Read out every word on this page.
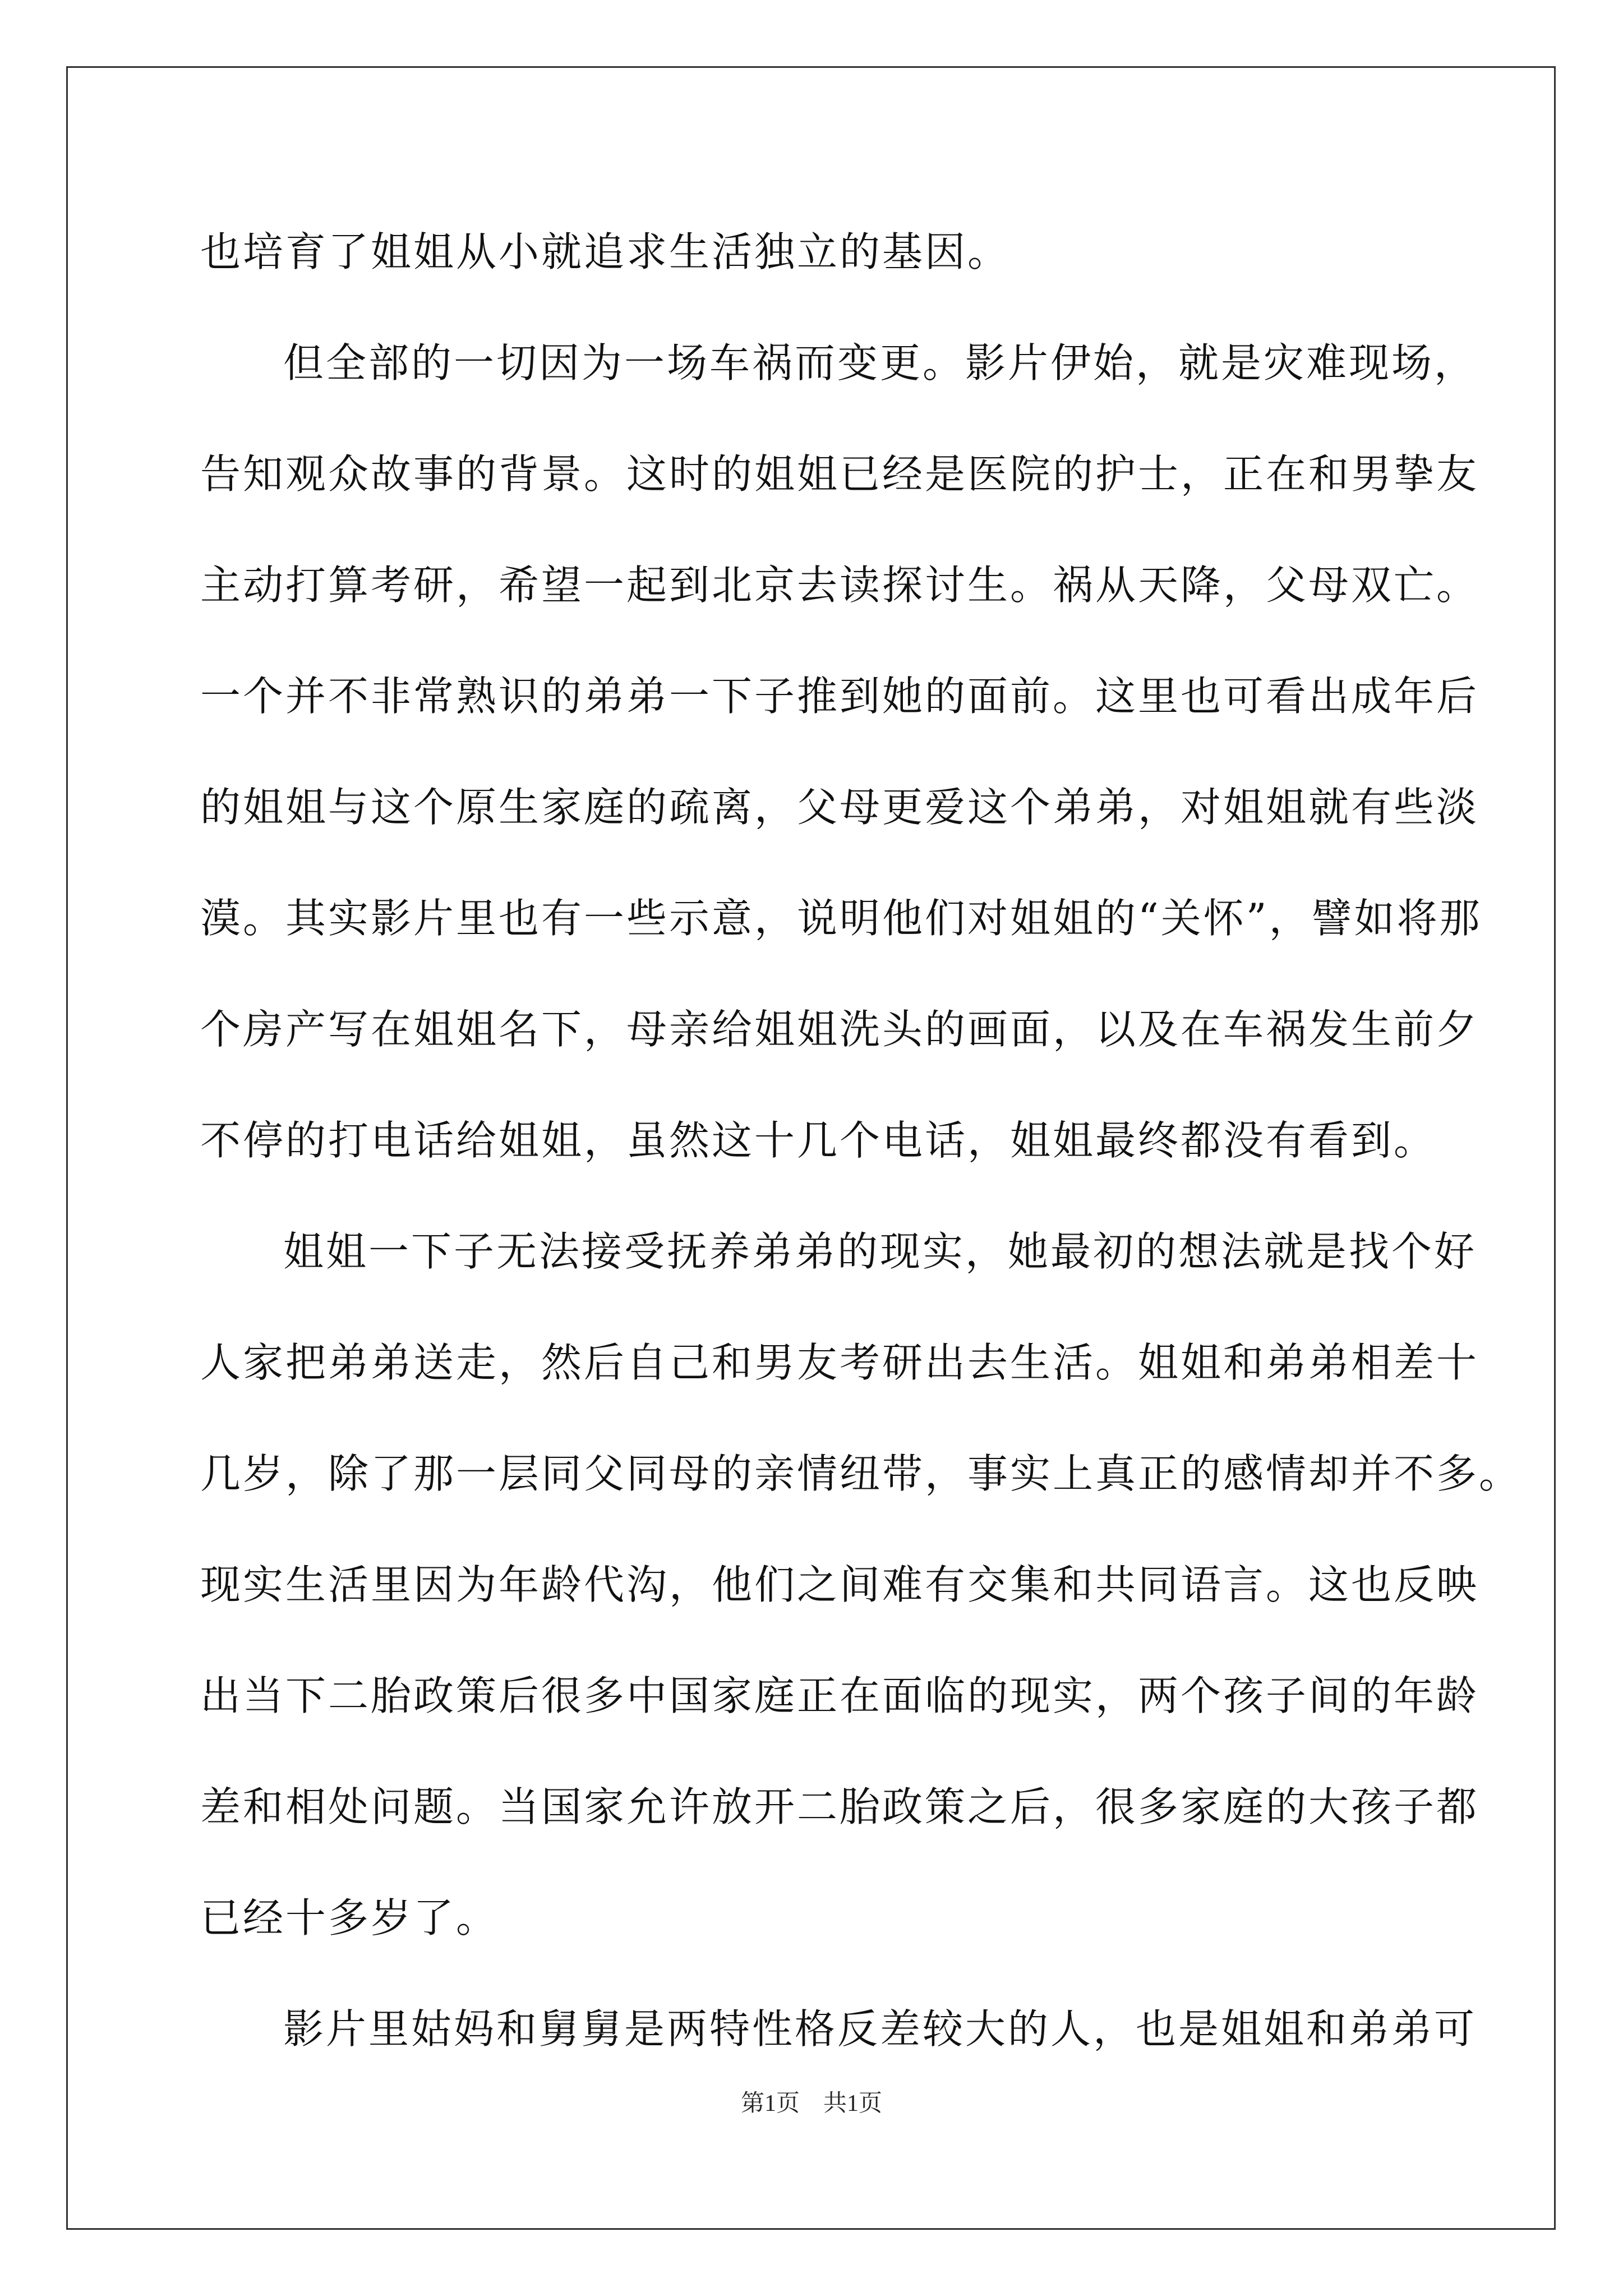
也培育了姐姐从小就追求生活独立的基因。
但全部的一切因为一场车祸而变更。影片伊始，就是灾难现场，
告知观众故事的背景。这时的姐姐已经是医院的护士，正在和男挚友
主动打算考研，希望一起到北京去读探讨生。祸从天降，父母双亡。
一个并不非常熟识的弟弟一下子推到她的面前。这里也可看出成年后
的姐姐与这个原生家庭的疏离，父母更爱这个弟弟，对姐姐就有些淡
漠。其实影片里也有一些示意，说明他们对姐姐的“关怀”，譬如将那
个房产写在姐姐名下，母亲给姐姐洗头的画面，以及在车祸发生前夕
不停的打电话给姐姐，虽然这十几个电话，姐姐最终都没有看到。
姐姐一下子无法接受抚养弟弟的现实，她最初的想法就是找个好
人家把弟弟送走，然后自己和男友考研出去生活。姐姐和弟弟相差十
几岁，除了那一层同父同母的亲情纽带，事实上真正的感情却并不多。
现实生活里因为年龄代沟，他们之间难有交集和共同语言。这也反映
出当下二胎政策后很多中国家庭正在面临的现实，两个孩子间的年龄
差和相处问题。当国家允许放开二胎政策之后，很多家庭的大孩子都
已经十多岁了。
影片里姑妈和舅舅是两特性格反差较大的人，也是姐姐和弟弟可
第1页 共1页
